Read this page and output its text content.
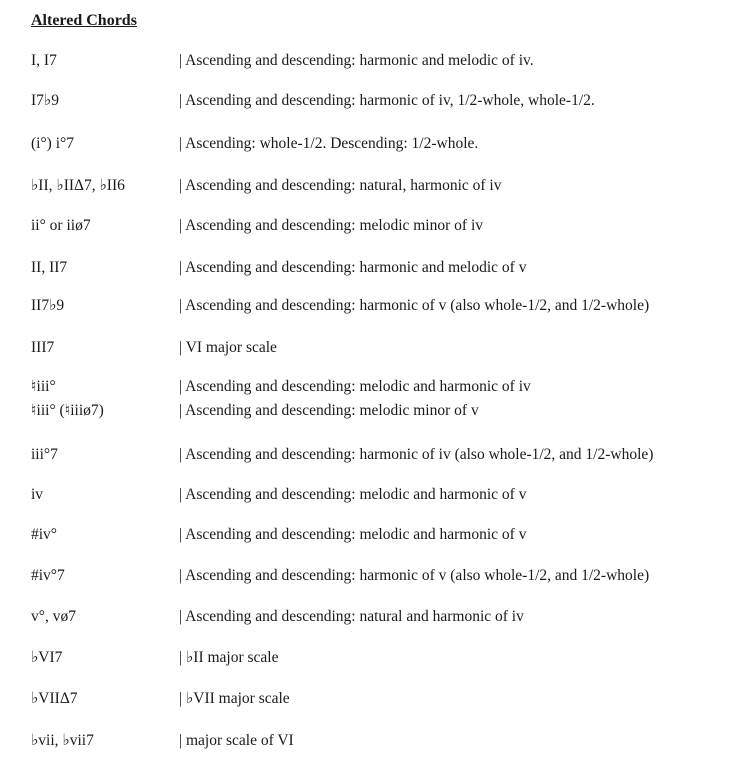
Altered Chords
I, I7	| Ascending and descending: harmonic and melodic of iv.
I7♭9	| Ascending and descending: harmonic of iv, 1/2-whole, whole-1/2.
(i°) i°7	| Ascending: whole-1/2. Descending: 1/2-whole.
♭II, ♭IIΔ7, ♭II6	| Ascending and descending: natural, harmonic of iv
ii° or iiø7	| Ascending and descending: melodic minor of iv
II, II7	| Ascending and descending: harmonic and melodic of v
II7♭9	| Ascending and descending: harmonic of v (also whole-1/2, and 1/2-whole)
III7	| VI major scale
♮iii°	| Ascending and descending: melodic and harmonic of iv
♮iii° (♮iiiø7)	| Ascending and descending: melodic minor of v
iii°7	| Ascending and descending: harmonic of iv (also whole-1/2, and 1/2-whole)
iv	| Ascending and descending: melodic and harmonic of v
#iv°	| Ascending and descending: melodic and harmonic of v
#iv°7	| Ascending and descending: harmonic of v (also whole-1/2, and 1/2-whole)
v°, vø7	| Ascending and descending: natural and harmonic of iv
♭VI7	| ♭II major scale
♭VIIΔ7	| ♭VII major scale
♭vii, ♭vii7	| major scale of VI
